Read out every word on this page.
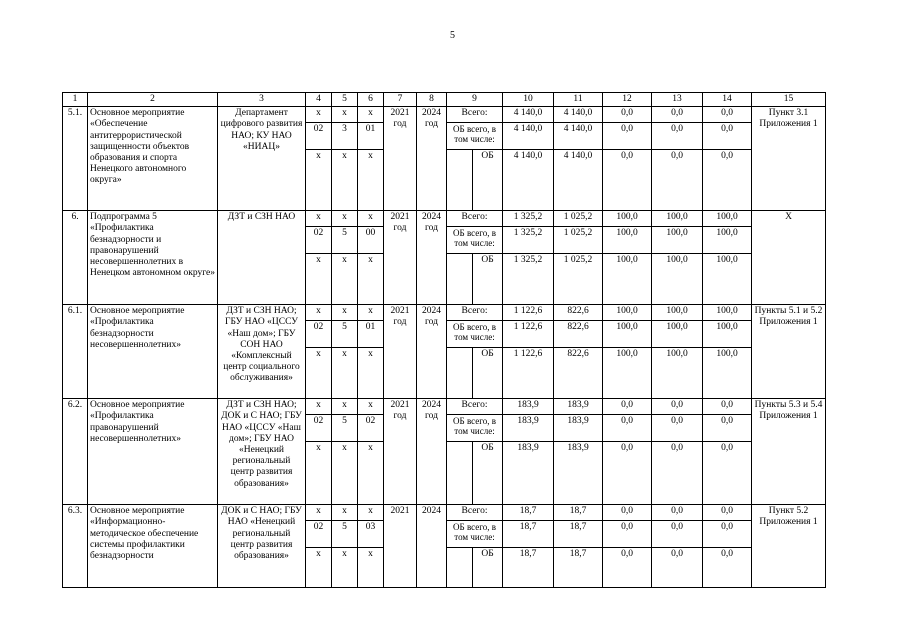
5
1	2	3	4	5	6	7	8	9		10	11	12	13	14	15
5.1.	Основное мероприятие «Обеспечение антитеррористической защищенности объектов образования и спорта Ненецкого автономного округа»	Департамент цифрового развития НАО; КУ НАО «НИАЦ»	х	х	х	2021 год	2024 год	Всего:		4 140,0	4 140,0	0,0	0,0	0,0	Пункт 3.1 Приложения 1
			02	3	01			ОБ всего, в том числе:		4 140,0	4 140,0	0,0	0,0	0,0	
			х	х	х				ОБ	4 140,0	4 140,0	0,0	0,0	0,0	
6.	Подпрограмма 5 «Профилактика безнадзорности и правонарушений несовершеннолетних в Ненецком автономном округе»	ДЗТ и СЗН НАО	х	х	х	2021 год	2024 год	Всего:		1 325,2	1 025,2	100,0	100,0	100,0	Х
			02	5	00			ОБ всего, в том числе:		1 325,2	1 025,2	100,0	100,0	100,0	
			х	х	х				ОБ	1 325,2	1 025,2	100,0	100,0	100,0	
6.1.	Основное мероприятие «Профилактика безнадзорности несовершеннолетних»	ДЗТ и СЗН НАО; ГБУ НАО «ЦССУ «Наш дом»; ГБУ СОН НАО «Комплексный центр социального обслуживания»	х	х	х	2021 год	2024 год	Всего:		1 122,6	822,6	100,0	100,0	100,0	Пункты 5.1 и 5.2 Приложения 1
			02	5	01			ОБ всего, в том числе:		1 122,6	822,6	100,0	100,0	100,0	
			х	х	х				ОБ	1 122,6	822,6	100,0	100,0	100,0	
6.2.	Основное мероприятие «Профилактика правонарушений несовершеннолетних»	ДЗТ и СЗН НАО; ДОК и С НАО; ГБУ НАО «ЦССУ «Наш дом»; ГБУ НАО «Ненецкий региональный центр развития образования»	х	х	х	2021 год	2024 год	Всего:		183,9	183,9	0,0	0,0	0,0	Пункты 5.3 и 5.4 Приложения 1
			02	5	02			ОБ всего, в том числе:		183,9	183,9	0,0	0,0	0,0	
			х	х	х				ОБ	183,9	183,9	0,0	0,0	0,0	
6.3.	Основное мероприятие «Информационно-методическое обеспечение системы профилактики безнадзорности	ДОК и С НАО; ГБУ НАО «Ненецкий региональный центр развития образования»	х	х	х	2021	2024	Всего:		18,7	18,7	0,0	0,0	0,0	Пункт 5.2 Приложения 1
			02	5	03			ОБ всего, в том числе:		18,7	18,7	0,0	0,0	0,0	
			х	х	х				ОБ	18,7	18,7	0,0	0,0	0,0	
